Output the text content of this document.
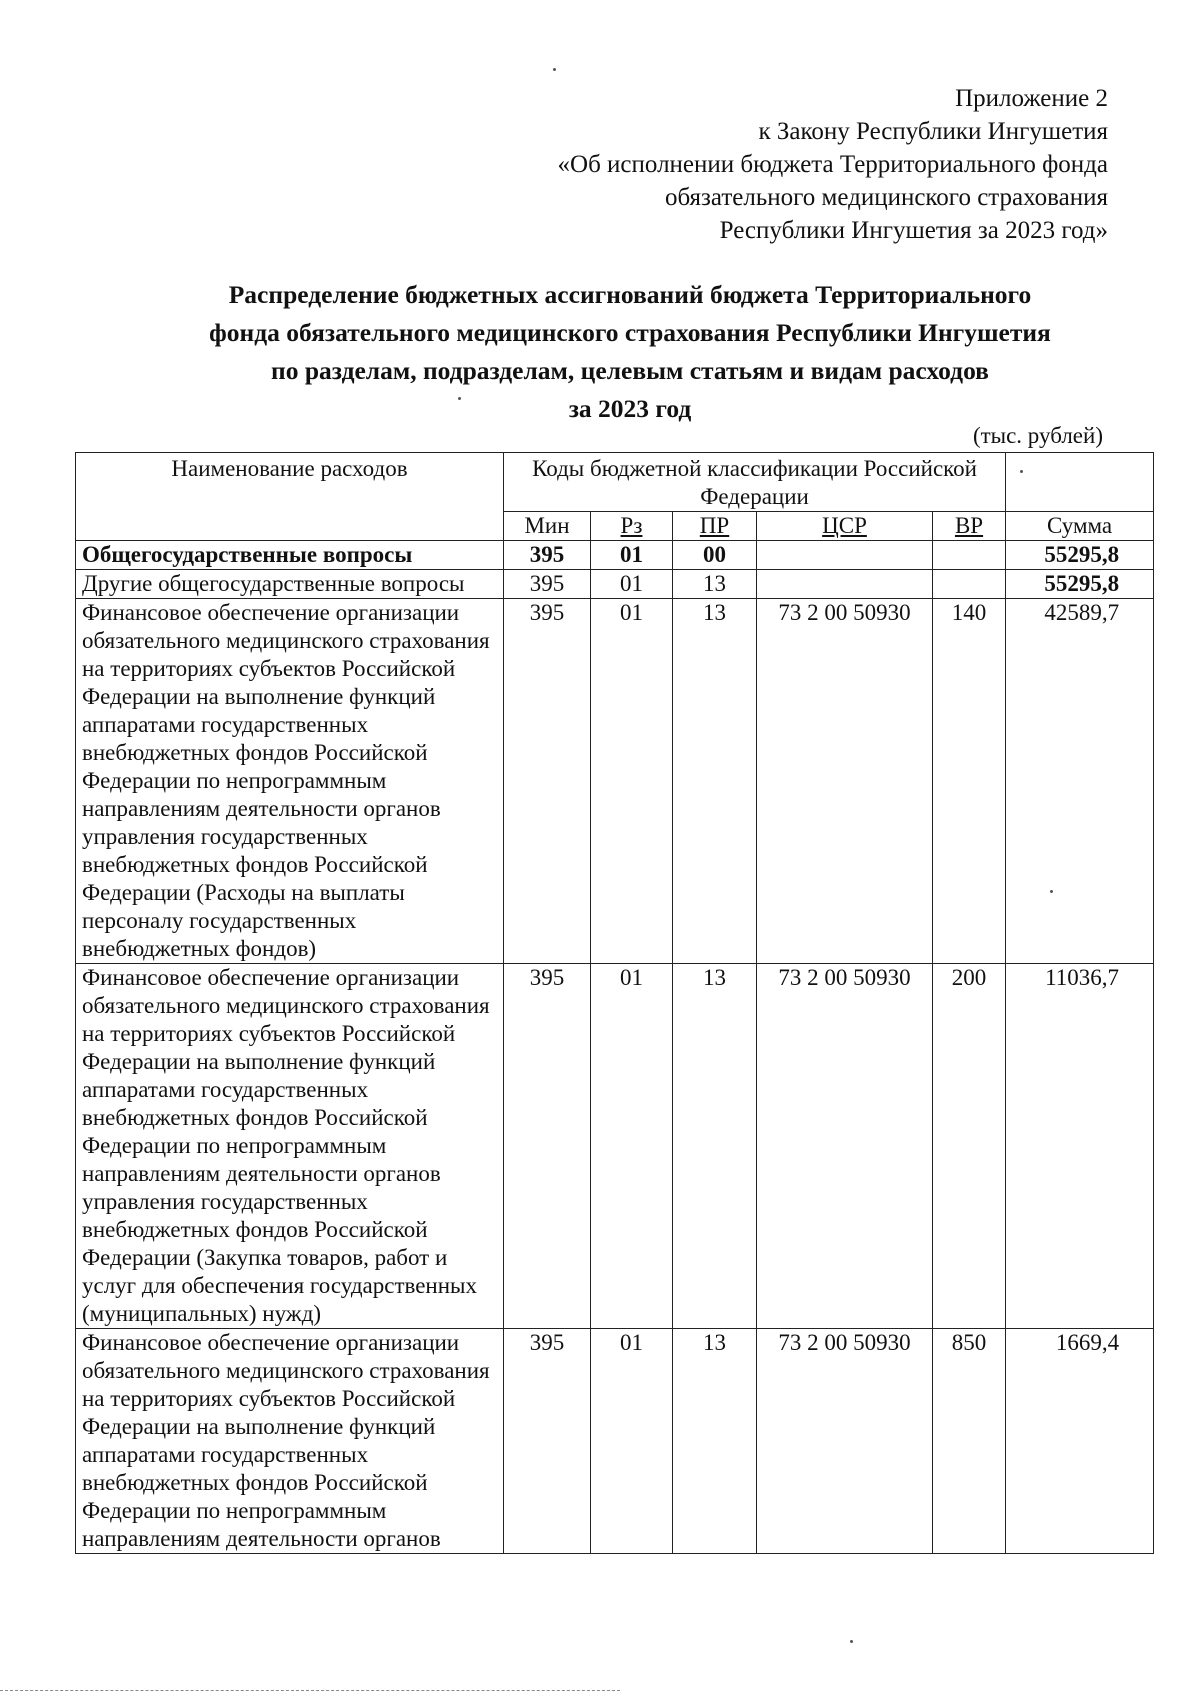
Приложение 2
к Закону Республики Ингушетия
«Об исполнении бюджета Территориального фонда
обязательного медицинского страхования
Республики Ингушетия за 2023 год»
Распределение бюджетных ассигнований бюджета Территориального
фонда обязательного медицинского страхования Республики Ингушетия
по разделам, подразделам, целевым статьям и видам расходов
за 2023 год
(тыс. рублей)
Наименование расходов	Коды бюджетной классификации Российской Федерации					
	Мин	Рз	ПР	ЦСР	ВР	Сумма
Общегосударственные вопросы	395	01	00			55295,8
Другие общегосударственные вопросы	395	01	13			55295,8
Финансовое обеспечение организации обязательного медицинского страхования на территориях субъектов Российской Федерации на выполнение функций аппаратами государственных внебюджетных фондов Российской Федерации по непрограммным направлениям деятельности органов управления государственных внебюджетных фондов Российской Федерации (Расходы на выплаты персоналу государственных внебюджетных фондов)	395	01	13	73 2 00 50930	140	42589,7
Финансовое обеспечение организации обязательного медицинского страхования на территориях субъектов Российской Федерации на выполнение функций аппаратами государственных внебюджетных фондов Российской Федерации по непрограммным направлениям деятельности органов управления государственных внебюджетных фондов Российской Федерации (Закупка товаров, работ и услуг для обеспечения государственных (муниципальных) нужд)	395	01	13	73 2 00 50930	200	11036,7
Финансовое обеспечение организации обязательного медицинского страхования на территориях субъектов Российской Федерации на выполнение функций аппаратами государственных внебюджетных фондов Российской Федерации по непрограммным направлениям деятельности органов	395	01	13	73 2 00 50930	850	1669,4
